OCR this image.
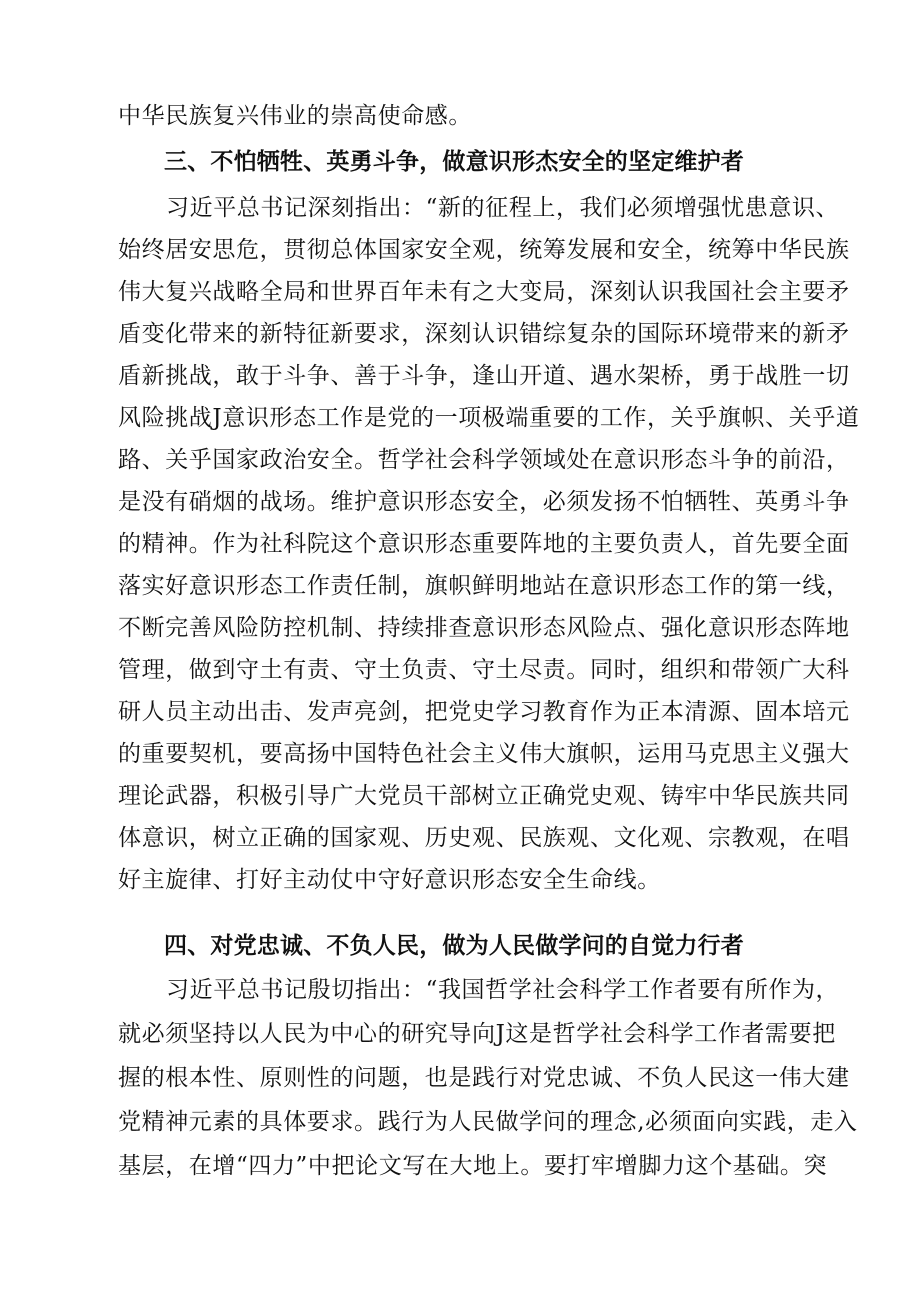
中华民族复兴伟业的崇高使命感。
三、不怕牺牲、英勇斗争，做意识形杰安全的坚定维护者
习近平总书记深刻指出：“新的征程上，我们必须增强忧患意识、
始终居安思危，贯彻总体国家安全观，统筹发展和安全，统筹中华民族
伟大复兴战略全局和世界百年未有之大变局，深刻认识我国社会主要矛
盾变化带来的新特征新要求，深刻认识错综复杂的国际环境带来的新矛
盾新挑战，敢于斗争、善于斗争，逢山开道、遇水架桥，勇于战胜一切
风险挑战J意识形态工作是党的一项极端重要的工作，关乎旗帜、关乎道
路、关乎国家政治安全。哲学社会科学领域处在意识形态斗争的前沿，
是没有硝烟的战场。维护意识形态安全，必须发扬不怕牺牲、英勇斗争
的精神。作为社科院这个意识形态重要阵地的主要负责人，首先要全面
落实好意识形态工作责任制，旗帜鲜明地站在意识形态工作的第一线，
不断完善风险防控机制、持续排查意识形态风险点、强化意识形态阵地
管理，做到守土有责、守土负责、守土尽责。同时，组织和带领广大科
研人员主动出击、发声亮剑，把党史学习教育作为正本清源、固本培元
的重要契机，要高扬中国特色社会主义伟大旗帜，运用马克思主义强大
理论武器，积极引导广大党员干部树立正确党史观、铸牢中华民族共同
体意识，树立正确的国家观、历史观、民族观、文化观、宗教观，在唱
好主旋律、打好主动仗中守好意识形态安全生命线。
四、对党忠诚、不负人民，做为人民做学问的自觉力行者
习近平总书记殷切指出：“我国哲学社会科学工作者要有所作为，
就必须坚持以人民为中心的研究导向J这是哲学社会科学工作者需要把
握的根本性、原则性的问题，也是践行对党忠诚、不负人民这一伟大建
党精神元素的具体要求。践行为人民做学问的理念,必须面向实践，走入
基层，在增“四力”中把论文写在大地上。要打牢增脚力这个基础。突
